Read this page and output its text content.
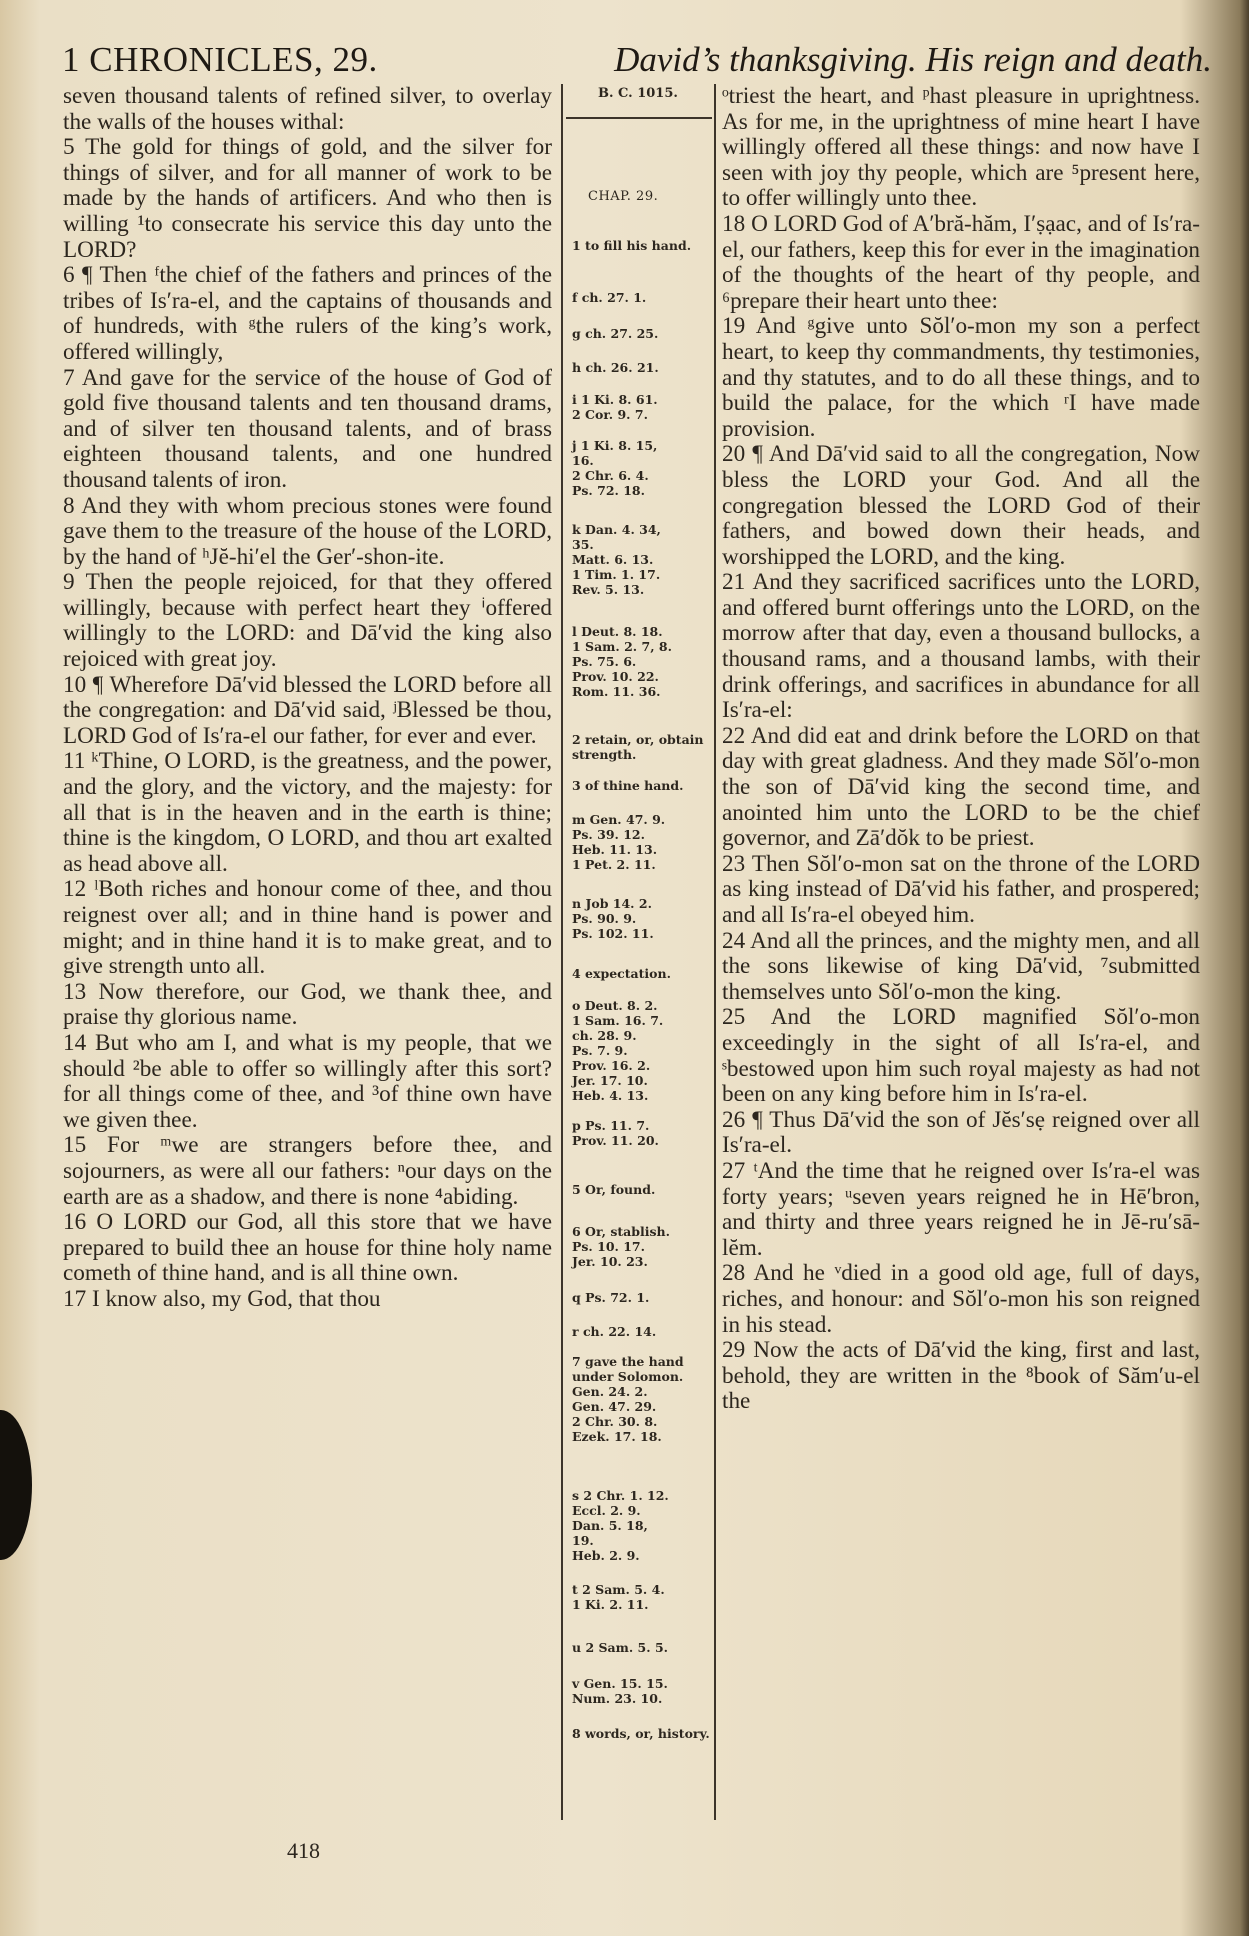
1 CHRONICLES, 29.	David’s thanksgiving. His reign and death.
seven thousand talents of refined silver, to overlay the walls of the houses withal:
5 The gold for things of gold, and the silver for things of silver, and for all manner of work to be made by the hands of artificers. And who then is willing ¹to consecrate his service this day unto the LORD?
6 ¶ Then ᶠthe chief of the fathers and princes of the tribes of Is′ra-el, and the captains of thousands and of hundreds, with ᵍthe rulers of the king’s work, offered willingly,
7 And gave for the service of the house of God of gold five thousand talents and ten thousand drams, and of silver ten thousand talents, and of brass eighteen thousand talents, and one hundred thousand talents of iron.
8 And they with whom precious stones were found gave them to the treasure of the house of the LORD, by the hand of ʰJĕ-hi′el the Ger′-shon-ite.
9 Then the people rejoiced, for that they offered willingly, because with perfect heart they ⁱoffered willingly to the LORD: and Dā′vid the king also rejoiced with great joy.
10 ¶ Wherefore Dā′vid blessed the LORD before all the congregation: and Dā′vid said, ʲBlessed be thou, LORD God of Is′ra-el our father, for ever and ever.
11 ᵏThine, O LORD, is the greatness, and the power, and the glory, and the victory, and the majesty: for all that is in the heaven and in the earth is thine; thine is the kingdom, O LORD, and thou art exalted as head above all.
12 ˡBoth riches and honour come of thee, and thou reignest over all; and in thine hand is power and might; and in thine hand it is to make great, and to give strength unto all.
13 Now therefore, our God, we thank thee, and praise thy glorious name.
14 But who am I, and what is my people, that we should ²be able to offer so willingly after this sort? for all things come of thee, and ³of thine own have we given thee.
15 For ᵐwe are strangers before thee, and sojourners, as were all our fathers: ⁿour days on the earth are as a shadow, and there is none ⁴abiding.
16 O LORD our God, all this store that we have prepared to build thee an house for thine holy name cometh of thine hand, and is all thine own.
17 I know also, my God, that thou
B. C. 1015.
CHAP. 29.
1 to fill his hand.
f ch. 27. 1.
g ch. 27. 25.
h ch. 26. 21.
i 1 Ki. 8. 61.
2 Cor. 9. 7.
j 1 Ki. 8. 15,
16.
2 Chr. 6. 4.
Ps. 72. 18.
k Dan. 4. 34,
35.
Matt. 6. 13.
1 Tim. 1. 17.
Rev. 5. 13.
l Deut. 8. 18.
1 Sam. 2. 7, 8.
Ps. 75. 6.
Prov. 10. 22.
Rom. 11. 36.
2 retain, or, obtain strength.
3 of thine hand.
m Gen. 47. 9.
Ps. 39. 12.
Heb. 11. 13.
1 Pet. 2. 11.
n Job 14. 2.
Ps. 90. 9.
Ps. 102. 11.
4 expectation.
o Deut. 8. 2.
1 Sam. 16. 7.
ch. 28. 9.
Ps. 7. 9.
Prov. 16. 2.
Jer. 17. 10.
Heb. 4. 13.
p Ps. 11. 7.
Prov. 11. 20.
5 Or, found.
6 Or, stablish.
Ps. 10. 17.
Jer. 10. 23.
q Ps. 72. 1.
r ch. 22. 14.
7 gave the hand under Solomon.
Gen. 24. 2.
Gen. 47. 29.
2 Chr. 30. 8.
Ezek. 17. 18.
s 2 Chr. 1. 12.
Eccl. 2. 9.
Dan. 5. 18,
19.
Heb. 2. 9.
t 2 Sam. 5. 4.
1 Ki. 2. 11.
u 2 Sam. 5. 5.
v Gen. 15. 15.
Num. 23. 10.
8 words, or, history.
ᵒtriest the heart, and ᵖhast pleasure in uprightness. As for me, in the uprightness of mine heart I have willingly offered all these things: and now have I seen with joy thy people, which are ⁵present here, to offer willingly unto thee.
18 O LORD God of A′bră-hăm, I′ṣạac, and of Is′ra-el, our fathers, keep this for ever in the imagination of the thoughts of the heart of thy people, and ⁶prepare their heart unto thee:
19 And ᵍgive unto Sŏl′o-mon my son a perfect heart, to keep thy commandments, thy testimonies, and thy statutes, and to do all these things, and to build the palace, for the which ʳI have made provision.
20 ¶ And Dā′vid said to all the congregation, Now bless the LORD your God. And all the congregation blessed the LORD God of their fathers, and bowed down their heads, and worshipped the LORD, and the king.
21 And they sacrificed sacrifices unto the LORD, and offered burnt offerings unto the LORD, on the morrow after that day, even a thousand bullocks, a thousand rams, and a thousand lambs, with their drink offerings, and sacrifices in abundance for all Is′ra-el:
22 And did eat and drink before the LORD on that day with great gladness. And they made Sŏl′o-mon the son of Dā′vid king the second time, and anointed him unto the LORD to be the chief governor, and Zā′dŏk to be priest.
23 Then Sŏl′o-mon sat on the throne of the LORD as king instead of Dā′vid his father, and prospered; and all Is′ra-el obeyed him.
24 And all the princes, and the mighty men, and all the sons likewise of king Dā′vid, ⁷submitted themselves unto Sŏl′o-mon the king.
25 And the LORD magnified Sŏl′o-mon exceedingly in the sight of all Is′ra-el, and ˢbestowed upon him such royal majesty as had not been on any king before him in Is′ra-el.
26 ¶ Thus Dā′vid the son of Jĕs′sẹ reigned over all Is′ra-el.
27 ᵗAnd the time that he reigned over Is′ra-el was forty years; ᵘseven years reigned he in Hē′bron, and thirty and three years reigned he in Jē-ru′sā-lĕm.
28 And he ᵛdied in a good old age, full of days, riches, and honour: and Sŏl′o-mon his son reigned in his stead.
29 Now the acts of Dā′vid the king, first and last, behold, they are written in the ⁸book of Săm′u-el the
418
